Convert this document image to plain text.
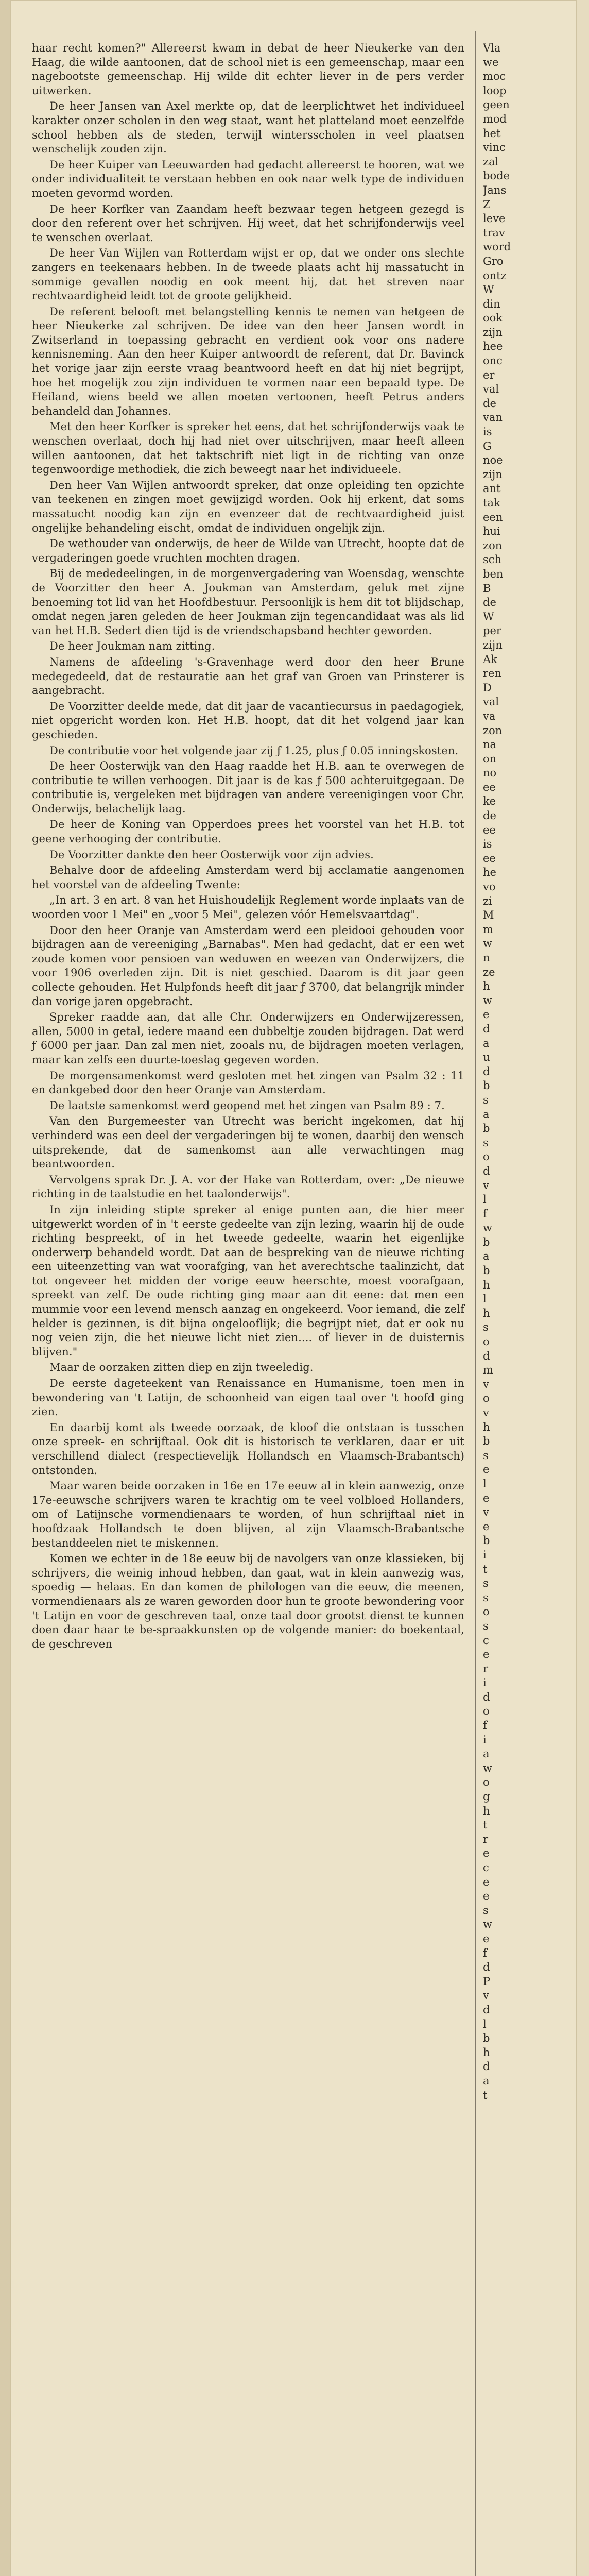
haar recht komen?" Allereerst kwam in debat de heer Nieukerke van den Haag, die wilde aantoonen, dat de school niet is een gemeenschap, maar een nagebootste gemeenschap. Hij wilde dit echter liever in de pers verder uitwerken.

De heer Jansen van Axel merkte op, dat de leerplichtwet het individueel karakter onzer scholen in den weg staat, want het platteland moet eenzelfde school hebben als de steden, terwijl wintersscholen in veel plaatsen wenschelijk zouden zijn.

De heer Kuiper van Leeuwarden had gedacht allereerst te hooren, wat we onder individualiteit te verstaan hebben en ook naar welk type de individuen moeten gevormd worden.

De heer Korfker van Zaandam heeft bezwaar tegen hetgeen gezegd is door den referent over het schrijven. Hij weet, dat het schrijfonderwijs veel te wenschen overlaat.

De heer Van Wijlen van Rotterdam wijst er op, dat we onder ons slechte zangers en teekenaars hebben. In de tweede plaats acht hij massatucht in sommige gevallen noodig en ook meent hij, dat het streven naar rechtvaardigheid leidt tot de groote gelijkheid.

De referent belooft met belangstelling kennis te nemen van hetgeen de heer Nieukerke zal schrijven. De idee van den heer Jansen wordt in Zwitserland in toepassing gebracht en verdient ook voor ons nadere kennisneming. Aan den heer Kuiper antwoordt de referent, dat Dr. Bavinck het vorige jaar zijn eerste vraag beantwoord heeft en dat hij niet begrijpt, hoe het mogelijk zou zijn individuen te vormen naar een bepaald type. De Heiland, wiens beeld we allen moeten vertoonen, heeft Petrus anders behandeld dan Johannes.

Met den heer Korfker is spreker het eens, dat het schrijfonderwijs vaak te wenschen overlaat, doch hij had niet over uitschrijven, maar heeft alleen willen aantoonen, dat het taktschrift niet ligt in de richting van onze tegenwoordige methodiek, die zich beweegt naar het individueele.

Den heer Van Wijlen antwoordt spreker, dat onze opleiding ten opzichte van teekenen en zingen moet gewijzigd worden. Ook hij erkent, dat soms massatucht noodig kan zijn en evenzeer dat de rechtvaardigheid juist ongelijke behandeling eischt, omdat de individuen ongelijk zijn.

De wethouder van onderwijs, de heer de Wilde van Utrecht, hoopte dat de vergaderingen goede vruchten mochten dragen.

Bij de mededeelingen, in de morgenvergadering van Woensdag, wenschte de Voorzitter den heer A. Joukman van Amsterdam, geluk met zijne benoeming tot lid van het Hoofdbestuur. Persoonlijk is hem dit tot blijdschap, omdat negen jaren geleden de heer Joukman zijn tegencandidaat was als lid van het H.B. Sedert dien tijd is de vriendschapsband hechter geworden.

De heer Joukman nam zitting.

Namens de afdeeling 's-Gravenhage werd door den heer Brune medegedeeld, dat de restauratie aan het graf van Groen van Prinsterer is aangebracht.

De Voorzitter deelde mede, dat dit jaar de vacantiecursus in paedagogiek, niet opgericht worden kon. Het H.B. hoopt, dat dit het volgend jaar kan geschieden.

De contributie voor het volgende jaar zij ƒ 1.25, plus ƒ 0.05 inningskosten.

De heer Oosterwijk van den Haag raadde het H.B. aan te overwegen de contributie te willen verhoogen. Dit jaar is de kas ƒ 500 achteruitgegaan. De contributie is, vergeleken met bijdragen van andere vereenigingen voor Chr. Onderwijs, belachelijk laag.

De heer de Koning van Opperdoes prees het voorstel van het H.B. tot geene verhooging der contributie.

De Voorzitter dankte den heer Oosterwijk voor zijn advies.

Behalve door de afdeeling Amsterdam werd bij acclamatie aangenomen het voorstel van de afdeeling Twente:

„In art. 3 en art. 8 van het Huishoudelijk Reglement worde inplaats van de woorden voor 1 Mei" en „voor 5 Mei", gelezen vóór Hemelsvaartdag".

Door den heer Oranje van Amsterdam werd een pleidooi gehouden voor bijdragen aan de vereeniging „Barnabas". Men had gedacht, dat er een wet zoude komen voor pensioen van weduwen en weezen van Onderwijzers, die voor 1906 overleden zijn. Dit is niet geschied. Daarom is dit jaar geen collecte gehouden. Het Hulpfonds heeft dit jaar ƒ 3700, dat belangrijk minder dan vorige jaren opgebracht.

Spreker raadde aan, dat alle Chr. Onderwijzers en Onderwijzeressen, allen, 5000 in getal, iedere maand een dubbeltje zouden bijdragen. Dat werd ƒ 6000 per jaar. Dan zal men niet, zooals nu, de bijdragen moeten verlagen, maar kan zelfs een duurte-toeslag gegeven worden.

De morgensamenkomst werd gesloten met het zingen van Psalm 32 : 11 en dankgebed door den heer Oranje van Amsterdam.

De laatste samenkomst werd geopend met het zingen van Psalm 89 : 7.

Van den Burgemeester van Utrecht was bericht ingekomen, dat hij verhinderd was een deel der vergaderingen bij te wonen, daarbij den wensch uitsprekende, dat de samenkomst aan alle verwachtingen mag beantwoorden.

Vervolgens sprak Dr. J. A. vor der Hake van Rotterdam, over: „De nieuwe richting in de taalstudie en het taalonderwijs".

In zijn inleiding stipte spreker al enige punten aan, die hier meer uitgewerkt worden of in 't eerste gedeelte van zijn lezing, waarin hij de oude richting bespreekt, of in het tweede gedeelte, waarin het eigenlijke onderwerp behandeld wordt. Dat aan de bespreking van de nieuwe richting een uiteenzetting van wat voorafging, van het averechtsche taalinzicht, dat tot ongeveer het midden der vorige eeuw heerschte, moest voorafgaan, spreekt van zelf. De oude richting ging maar aan dit eene: dat men een mummie voor een levend mensch aanzag en ongekeerd. Voor iemand, die zelf helder is gezinnen, is dit bijna ongelooflijk; die begrijpt niet, dat er ook nu nog veien zijn, die het nieuwe licht niet zien.... of liever in de duisternis blijven."

Maar de oorzaken zitten diep en zijn tweeledig.

De eerste dageteekent van Renaissance en Humanisme, toen men in bewondering van 't Latijn, de schoonheid van eigen taal over 't hoofd ging zien.

En daarbij komt als tweede oorzaak, de kloof die ontstaan is tusschen onze spreek- en schrijftaal. Ook dit is historisch te verklaren, daar er uit verschillend dialect (respectievelijk Hollandsch en Vlaamsch-Brabantsch) ontstonden.

Maar waren beide oorzaken in 16e en 17e eeuw al in klein aanwezig, onze 17e-eeuwsche schrijvers waren te krachtig om te veel volbloed Hollanders, om of Latijnsche vormendienaars te worden, of hun schrijftaal niet in hoofdzaak Hollandsch te doen blijven, al zijn Vlaamsch-Brabantsche bestanddeelen niet te miskennen.

Komen we echter in de 18e eeuw bij de navolgers van onze klassieken, bij schrijvers, die weinig inhoud hebben, dan gaat, wat in klein aanwezig was, spoedig — helaas. En dan komen de philologen van die eeuw, die meenen, vormendienaars als ze waren geworden door hun te groote bewondering voor 't Latijn en voor de geschreven taal, onze taal door grootst dienst te kunnen doen daar haar te be-spraakkunsten op de volgende manier: do boekentaal, de geschreven

Vla
we
moc
loop
geen
mod
het
vinc
zal
bode
Jans
Z
leve
trav
word
Gro
ontz
W
din
ook
zijn
hee
onc
er
val
de
van
is
G
noe
zijn
ant
tak
een
hui
zon
sch
ben
B
de
W
per
zijn
Ak
ren
D
val
va
zon
na
on
no
ee
ke
de
ee
is
ee
he
vo
zi
M
m
w
n
ze
h
w
e
d
a
u
d
b
s
a
b
s
o
d
v
l
f
w
b
a
b
h
l
h
s
o
d
m
v
o
v
h
b
s
e
l
e
v
e
b
i
t
s
s
o
s
c
e
r
i
d
o
f
i
a
w
o
g
h
t
r
e
c
e
e
s
w
e
f
d
P
v
d
l
b
h
d
a
t
